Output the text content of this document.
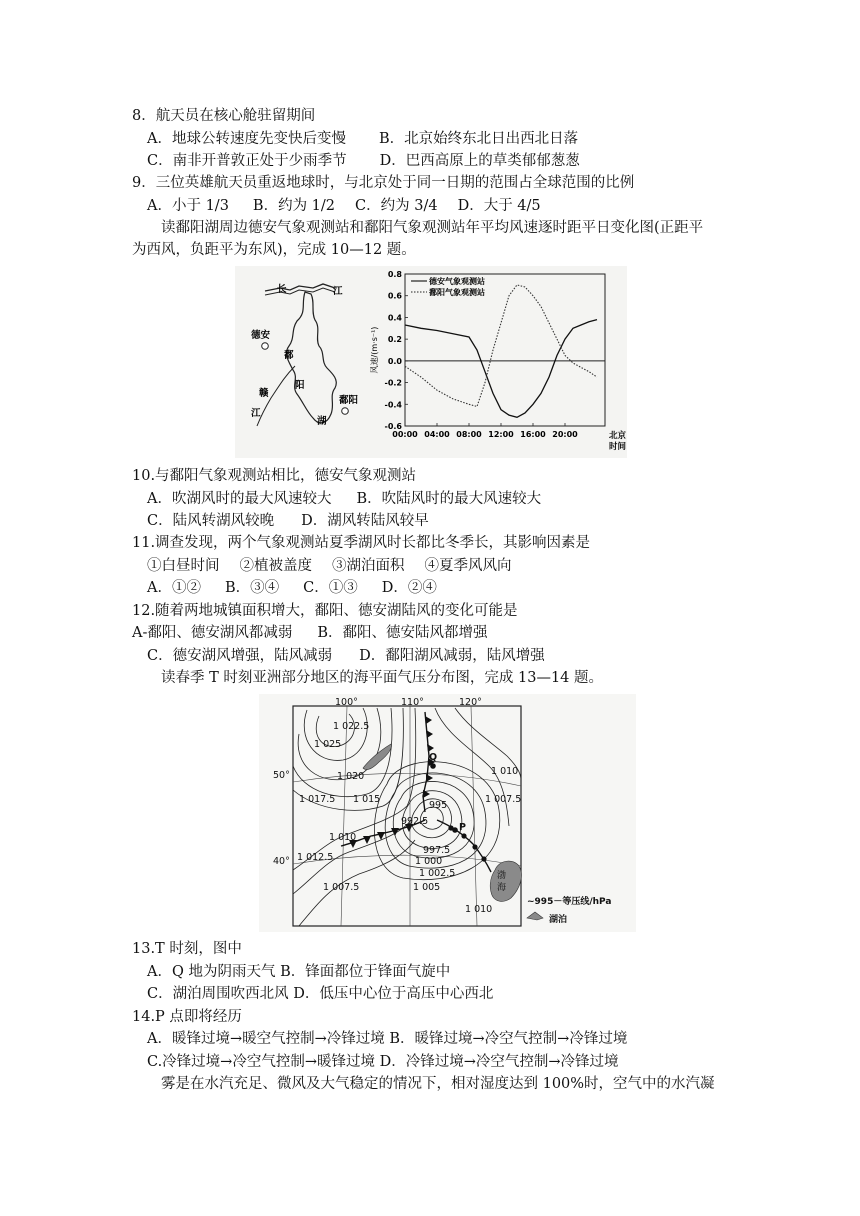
8．航天员在核心舱驻留期间
A．地球公转速度先变快后变慢 B．北京始终东北日出西北日落
C．南非开普敦正处于少雨季节 D．巴西高原上的草类郁郁葱葱
9．三位英雄航天员重返地球时，与北京处于同一日期的范围占全球范围的比例
A．小于 1/3 B．约为 1/2 C．约为 3/4 D．大于 4/5
读鄱阳湖周边德安气象观测站和鄱阳气象观测站年平均风速逐时距平日变化图(正距平
为西风，负距平为东风)，完成 10—12 题。
长	江
德安
鄱
阳
赣
江
湖
鄱阳
风速/(m·s⁻¹)
北京
时间
德安气象观测站
鄱阳气象观测站
0.8
0.6
0.4
0.2
0.0
-0.2
-0.4
-0.6
00:00 04:00 08:00 12:00 16:00 20:00
10.与鄱阳气象观测站相比，德安气象观测站
A．吹湖风时的最大风速较大 B．吹陆风时的最大风速较大
C．陆风转湖风较晚 D．湖风转陆风较早
11.调查发现，两个气象观测站夏季湖风时长都比冬季长，其影响因素是
①白昼时间 ②植被盖度 ③湖泊面积 ④夏季风风向
A．①② B．③④ C．①③ D．②④
12.随着两地城镇面积增大，鄱阳、德安湖陆风的变化可能是
A-鄱阳、德安湖风都减弱 B．鄱阳、德安陆风都增强
C．德安湖风增强，陆风减弱 D．鄱阳湖风减弱，陆风增强
读春季 T 时刻亚洲部分地区的海平面气压分布图，完成 13—14 题。
100°	110°	120°
50°
40°
1 022.5
1 025
1 020
1 017.5 1 015
1 010
1 012.5
1 007.5	1 005
1 002.5
1 000
997.5
995
992.5
1 010
1 007.5
1 010
Q
P
渤
海
~995－等压线/hPa
湖泊
13.T 时刻，图中
A．Q 地为阴雨天气 B．锋面都位于锋面气旋中
C．湖泊周围吹西北风 D．低压中心位于高压中心西北
14.P 点即将经历
A．暖锋过境→暖空气控制→冷锋过境 B．暖锋过境→冷空气控制→冷锋过境
C.冷锋过境→冷空气控制→暖锋过境 D．冷锋过境→冷空气控制→冷锋过境
雾是在水汽充足、微风及大气稳定的情况下，相对湿度达到 100%时，空气中的水汽凝
